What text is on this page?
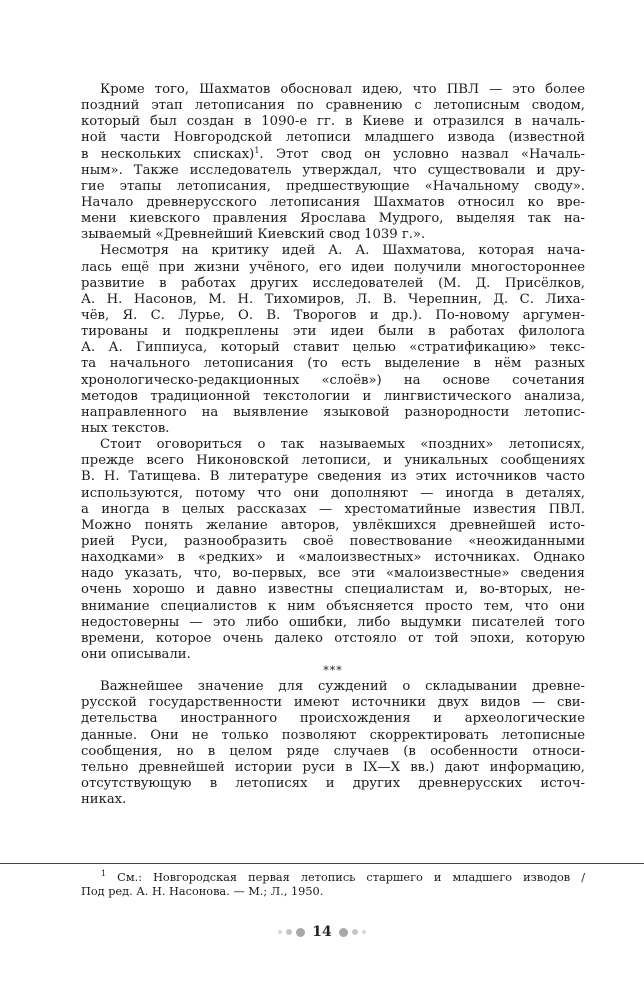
Кроме того, Шахматов обосновал идею, что ПВЛ — это более
поздний этап летописания по сравнению с летописным сводом,
который был создан в 1090-е гг. в Киеве и отразился в началь-
ной части Новгородской летописи младшего извода (известной
в нескольких списках)$^1$. Этот свод он условно назвал «Началь-
ным». Также исследователь утверждал, что существовали и дру-
гие этапы летописания, предшествующие «Начальному своду».
Начало древнерусского летописания Шахматов относил ко вре-
мени киевского правления Ярослава Мудрого, выделяя так на-
зываемый «Древнейший Киевский свод 1039 г.».
Несмотря на критику идей А. А. Шахматова, которая нача-
лась ещё при жизни учёного, его идеи получили многостороннее
развитие в работах других исследователей (М. Д. Присёлков,
А. Н. Насонов, М. Н. Тихомиров, Л. В. Черепнин, Д. С. Лиха-
чёв, Я. С. Лурье, О. В. Творогов и др.). По-новому аргумен-
тированы и подкреплены эти идеи были в работах филолога
А. А. Гиппиуса, который ставит целью «стратификацию» текс-
та начального летописания (то есть выделение в нём разных
хронологическо-редакционных «слоёв») на основе сочетания
методов традиционной текстологии и лингвистического анализа,
направленного на выявление языковой разнородности летопис-
ных текстов.
Стоит оговориться о так называемых «поздних» летописях,
прежде всего Никоновской летописи, и уникальных сообщениях
В. Н. Татищева. В литературе сведения из этих источников часто
используются, потому что они дополняют — иногда в деталях,
а иногда в целых рассказах — хрестоматийные известия ПВЛ.
Можно понять желание авторов, увлёкшихся древнейшей исто-
рией Руси, разнообразить своё повествование «неожиданными
находками» в «редких» и «малоизвестных» источниках. Однако
надо указать, что, во-первых, все эти «малоизвестные» сведения
очень хорошо и давно известны специалистам и, во-вторых, не-
внимание специалистов к ним объясняется просто тем, что они
недостоверны — это либо ошибки, либо выдумки писателей того
времени, которое очень далеко отстояло от той эпохи, которую
они описывали.
***
Важнейшее значение для суждений о складывании древне-
русской государственности имеют источники двух видов — сви-
детельства иностранного происхождения и археологические
данные. Они не только позволяют скорректировать летописные
сообщения, но в целом ряде случаев (в особенности относи-
тельно древнейшей истории руси в IX—X вв.) дают информацию,
отсутствующую в летописях и других древнерусских источ-
никах.
$^1$ См.: Новгородская первая летопись старшего и младшего изводов /
Под ред. А. Н. Насонова. — М.; Л., 1950.
14
